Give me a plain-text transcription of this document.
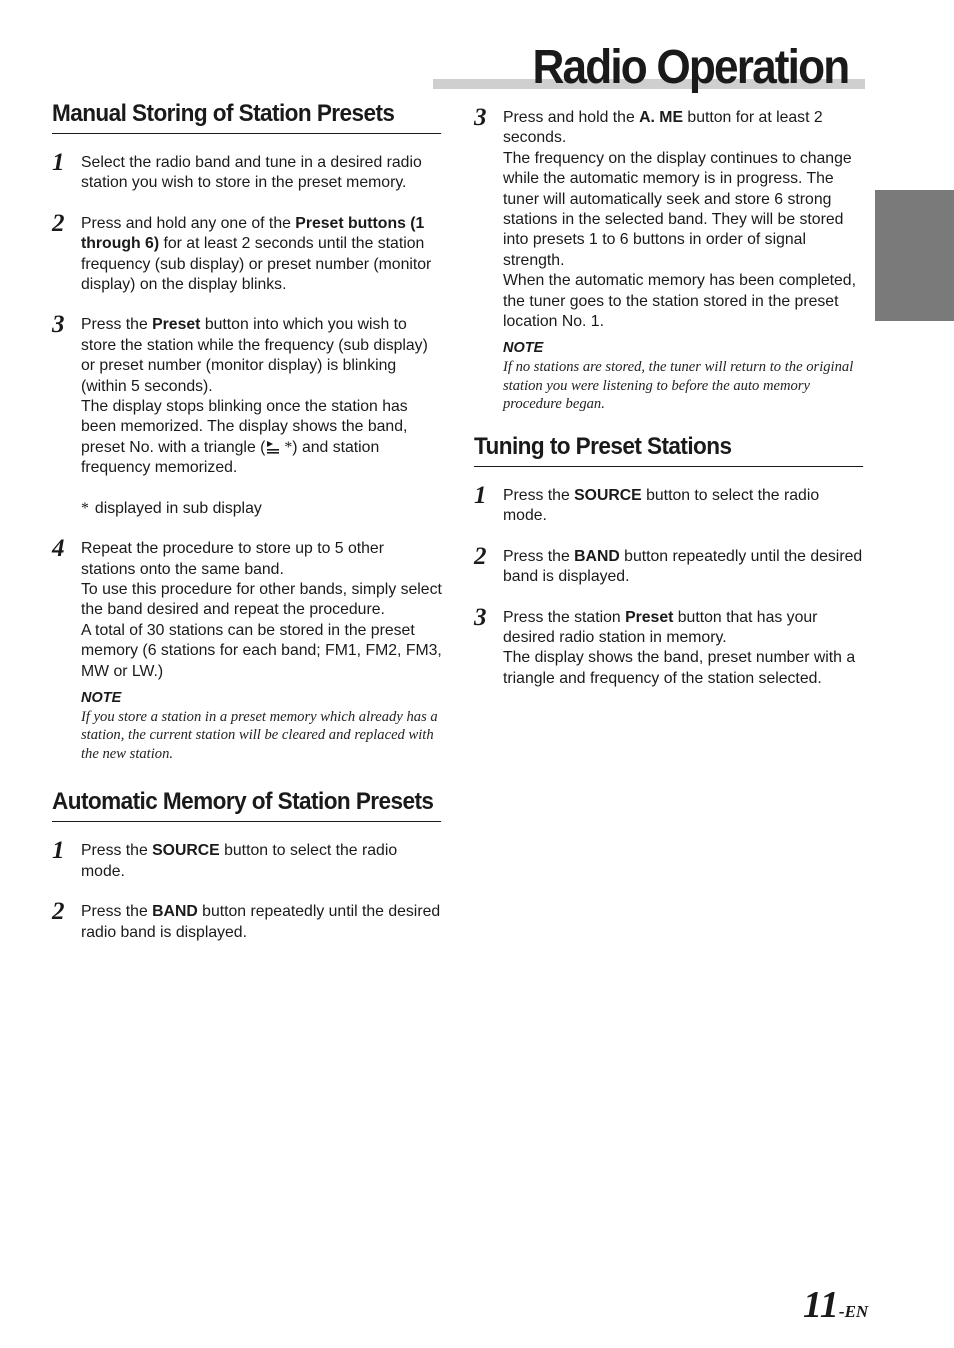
Radio Operation
Manual Storing of Station Presets
1 Select the radio band and tune in a desired radio station you wish to store in the preset memory.

2 Press and hold any one of the Preset buttons (1 through 6) for at least 2 seconds until the station frequency (sub display) or preset number (monitor display) on the display blinks.

3 Press the Preset button into which you wish to store the station while the frequency (sub display) or preset number (monitor display) is blinking (within 5 seconds).

The display stops blinking once the station has been memorized. The display shows the band, preset No. with a triangle ( *) and station frequency memorized.

* displayed in sub display
4 Repeat the procedure to store up to 5 other stations onto the same band.

To use this procedure for other bands, simply select the band desired and repeat the procedure.

A total of 30 stations can be stored in the preset memory (6 stations for each band; FM1, FM2, FM3, MW or LW.)

NOTE
If you store a station in a preset memory which already has a station, the current station will be cleared and replaced with the new station.
Automatic Memory of Station Presets
1 Press the SOURCE button to select the radio mode.

2 Press the BAND button repeatedly until the desired radio band is displayed.

3 Press and hold the A. ME button for at least 2 seconds.

The frequency on the display continues to change while the automatic memory is in progress. The tuner will automatically seek and store 6 strong stations in the selected band. They will be stored into presets 1 to 6 buttons in order of signal strength.

When the automatic memory has been completed, the tuner goes to the station stored in the preset location No. 1.

NOTE
If no stations are stored, the tuner will return to the original station you were listening to before the auto memory procedure began.
Tuning to Preset Stations
1 Press the SOURCE button to select the radio mode.

2 Press the BAND button repeatedly until the desired band is displayed.

3 Press the station Preset button that has your desired radio station in memory.

The display shows the band, preset number with a triangle and frequency of the station selected.

11-EN
